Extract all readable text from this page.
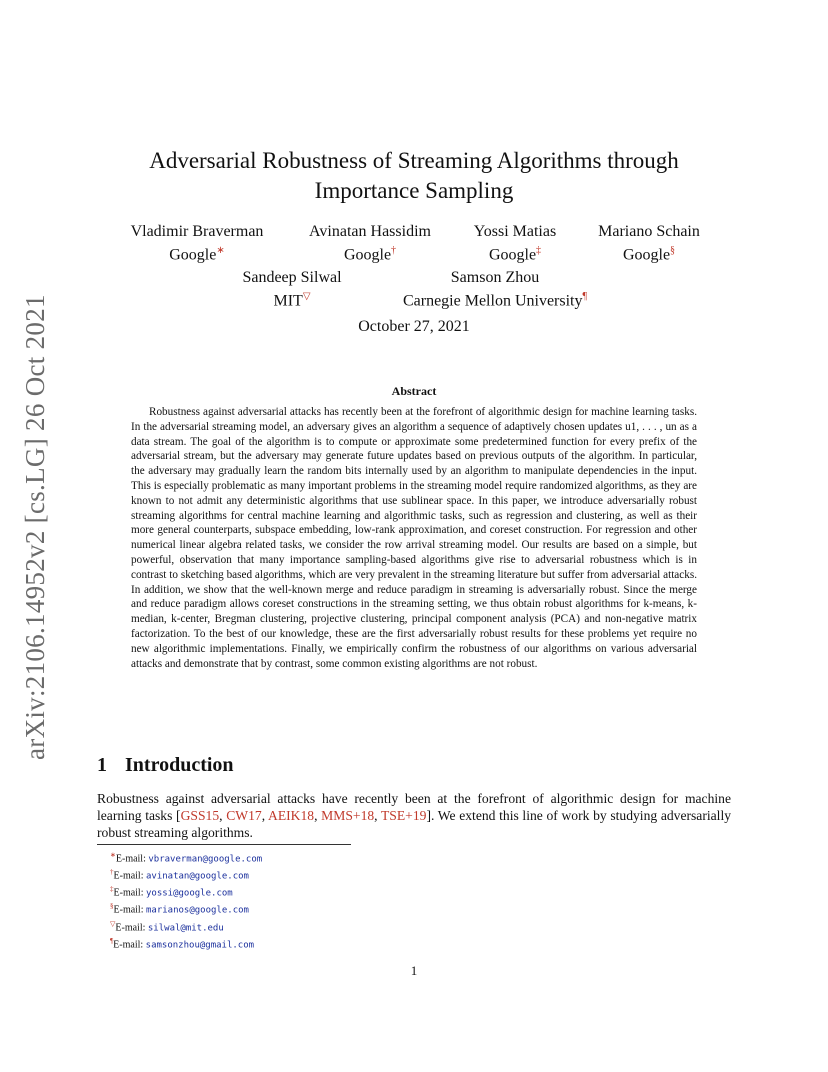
arXiv:2106.14952v2 [cs.LG] 26 Oct 2021
Adversarial Robustness of Streaming Algorithms through
Importance Sampling
Vladimir Braverman
Google∗
Avinatan Hassidim
Google†
Yossi Matias
Google‡
Mariano Schain
Google§
Sandeep Silwal
MIT▽
Samson Zhou
Carnegie Mellon University¶
October 27, 2021
Abstract
Robustness against adversarial attacks has recently been at the forefront of algorithmic design for machine learning tasks. In the adversarial streaming model, an adversary gives an algorithm a sequence of adaptively chosen updates u1, . . . , un as a data stream. The goal of the algorithm is to compute or approximate some predetermined function for every prefix of the adversarial stream, but the adversary may generate future updates based on previous outputs of the algorithm. In particular, the adversary may gradually learn the random bits internally used by an algorithm to manipulate dependencies in the input. This is especially problematic as many important problems in the streaming model require randomized algorithms, as they are known to not admit any deterministic algorithms that use sublinear space. In this paper, we introduce adversarially robust streaming algorithms for central machine learning and algorithmic tasks, such as regression and clustering, as well as their more general counterparts, subspace embedding, low-rank approximation, and coreset construction. For regression and other numerical linear algebra related tasks, we consider the row arrival streaming model. Our results are based on a simple, but powerful, observation that many importance sampling-based algorithms give rise to adversarial robustness which is in contrast to sketching based algorithms, which are very prevalent in the streaming literature but suffer from adversarial attacks. In addition, we show that the well-known merge and reduce paradigm in streaming is adversarially robust. Since the merge and reduce paradigm allows coreset constructions in the streaming setting, we thus obtain robust algorithms for k-means, k-median, k-center, Bregman clustering, projective clustering, principal component analysis (PCA) and non-negative matrix factorization. To the best of our knowledge, these are the first adversarially robust results for these problems yet require no new algorithmic implementations. Finally, we empirically confirm the robustness of our algorithms on various adversarial attacks and demonstrate that by contrast, some common existing algorithms are not robust.
1 Introduction
Robustness against adversarial attacks have recently been at the forefront of algorithmic design for machine learning tasks [GSS15, CW17, AEIK18, MMS+18, TSE+19]. We extend this line of work by studying adversarially robust streaming algorithms.
∗E-mail: vbraverman@google.com
†E-mail: avinatan@google.com
‡E-mail: yossi@google.com
§E-mail: marianos@google.com
▽E-mail: silwal@mit.edu
¶E-mail: samsonzhou@gmail.com
1
